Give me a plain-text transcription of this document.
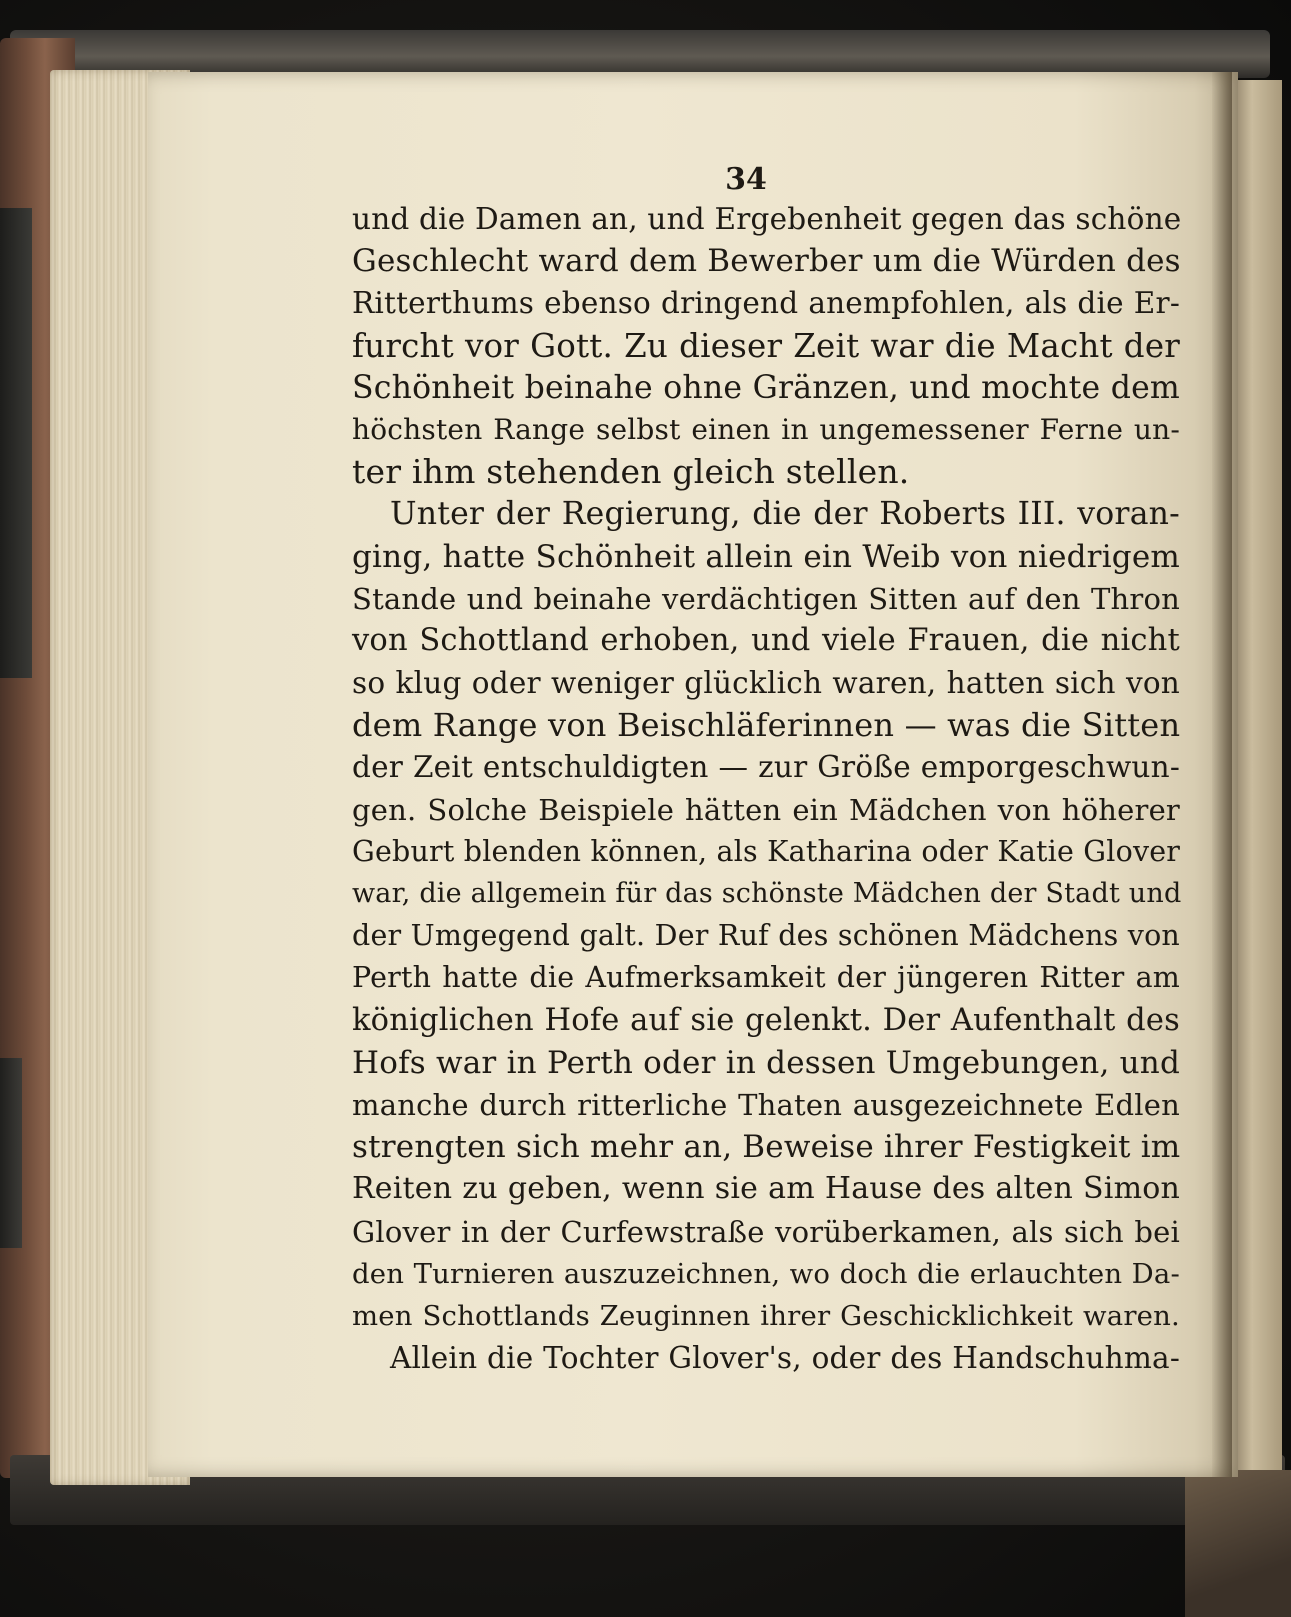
34
und die Damen an, und Ergebenheit gegen das schöne
Geschlecht ward dem Bewerber um die Würden des
Ritterthums ebenso dringend anempfohlen, als die Er-
furcht vor Gott. Zu dieser Zeit war die Macht der
Schönheit beinahe ohne Gränzen, und mochte dem
höchsten Range selbst einen in ungemessener Ferne un-
ter ihm stehenden gleich stellen.
Unter der Regierung, die der Roberts III. voran-
ging, hatte Schönheit allein ein Weib von niedrigem
Stande und beinahe verdächtigen Sitten auf den Thron
von Schottland erhoben, und viele Frauen, die nicht
so klug oder weniger glücklich waren, hatten sich von
dem Range von Beischläferinnen — was die Sitten
der Zeit entschuldigten — zur Größe emporgeschwun-
gen. Solche Beispiele hätten ein Mädchen von höherer
Geburt blenden können, als Katharina oder Katie Glover
war, die allgemein für das schönste Mädchen der Stadt und
der Umgegend galt. Der Ruf des schönen Mädchens von
Perth hatte die Aufmerksamkeit der jüngeren Ritter am
königlichen Hofe auf sie gelenkt. Der Aufenthalt des
Hofs war in Perth oder in dessen Umgebungen, und
manche durch ritterliche Thaten ausgezeichnete Edlen
strengten sich mehr an, Beweise ihrer Festigkeit im
Reiten zu geben, wenn sie am Hause des alten Simon
Glover in der Curfewstraße vorüberkamen, als sich bei
den Turnieren auszuzeichnen, wo doch die erlauchten Da-
men Schottlands Zeuginnen ihrer Geschicklichkeit waren.
Allein die Tochter Glover's, oder des Handschuhma-
